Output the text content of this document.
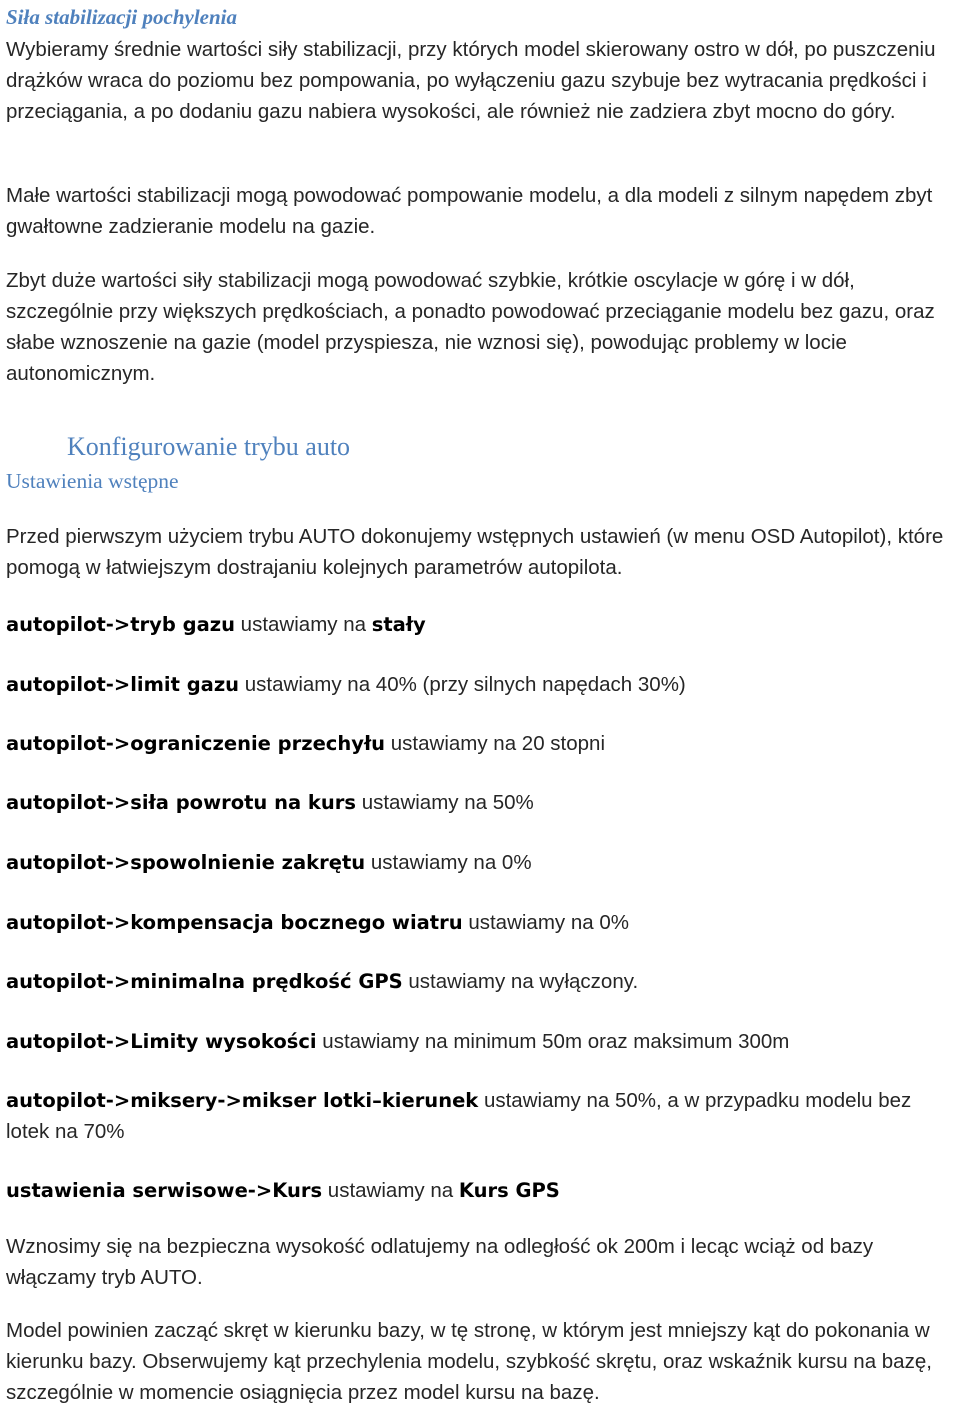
Siła stabilizacji pochylenia

Wybieramy średnie wartości siły stabilizacji, przy których model skierowany ostro w dół, po puszczeniu drążków wraca do poziomu bez pompowania, po wyłączeniu gazu szybuje bez wytracania prędkości i przeciągania, a po dodaniu gazu nabiera wysokości, ale również nie zadziera zbyt mocno do góry.

Małe wartości stabilizacji mogą powodować pompowanie modelu, a dla modeli z silnym napędem zbyt gwałtowne zadzieranie modelu na gazie.

Zbyt duże wartości siły stabilizacji mogą powodować szybkie, krótkie oscylacje w górę i w dół, szczególnie przy większych prędkościach, a ponadto powodować przeciąganie modelu bez gazu, oraz słabe wznoszenie na gazie (model przyspiesza, nie wznosi się), powodując problemy w locie autonomicznym.

Konfigurowanie trybu auto
Ustawienia wstępne

Przed pierwszym użyciem trybu AUTO dokonujemy wstępnych ustawień (w menu OSD Autopilot), które pomogą w łatwiejszym dostrajaniu kolejnych parametrów autopilota.

autopilot->tryb gazu ustawiamy na stały

autopilot->limit gazu ustawiamy na 40% (przy silnych napędach 30%)

autopilot->ograniczenie przechyłu ustawiamy na 20 stopni

autopilot->siła powrotu na kurs ustawiamy na 50%

autopilot->spowolnienie zakrętu ustawiamy na 0%

autopilot->kompensacja bocznego wiatru ustawiamy na 0%

autopilot->minimalna prędkość GPS ustawiamy na wyłączony.

autopilot->Limity wysokości ustawiamy na minimum 50m oraz maksimum 300m

autopilot->miksery->mikser lotki–kierunek ustawiamy na 50%, a w przypadku modelu bez lotek na 70%

ustawienia serwisowe->Kurs ustawiamy na Kurs GPS

Wznosimy się na bezpieczna wysokość odlatujemy na odległość ok 200m i lecąc wciąż od bazy włączamy tryb AUTO.

Model powinien zacząć skręt w kierunku bazy, w tę stronę, w którym jest mniejszy kąt do pokonania w kierunku bazy. Obserwujemy kąt przechylenia modelu, szybkość skrętu, oraz wskaźnik kursu na bazę, szczególnie w momencie osiągnięcia przez model kursu na bazę.
